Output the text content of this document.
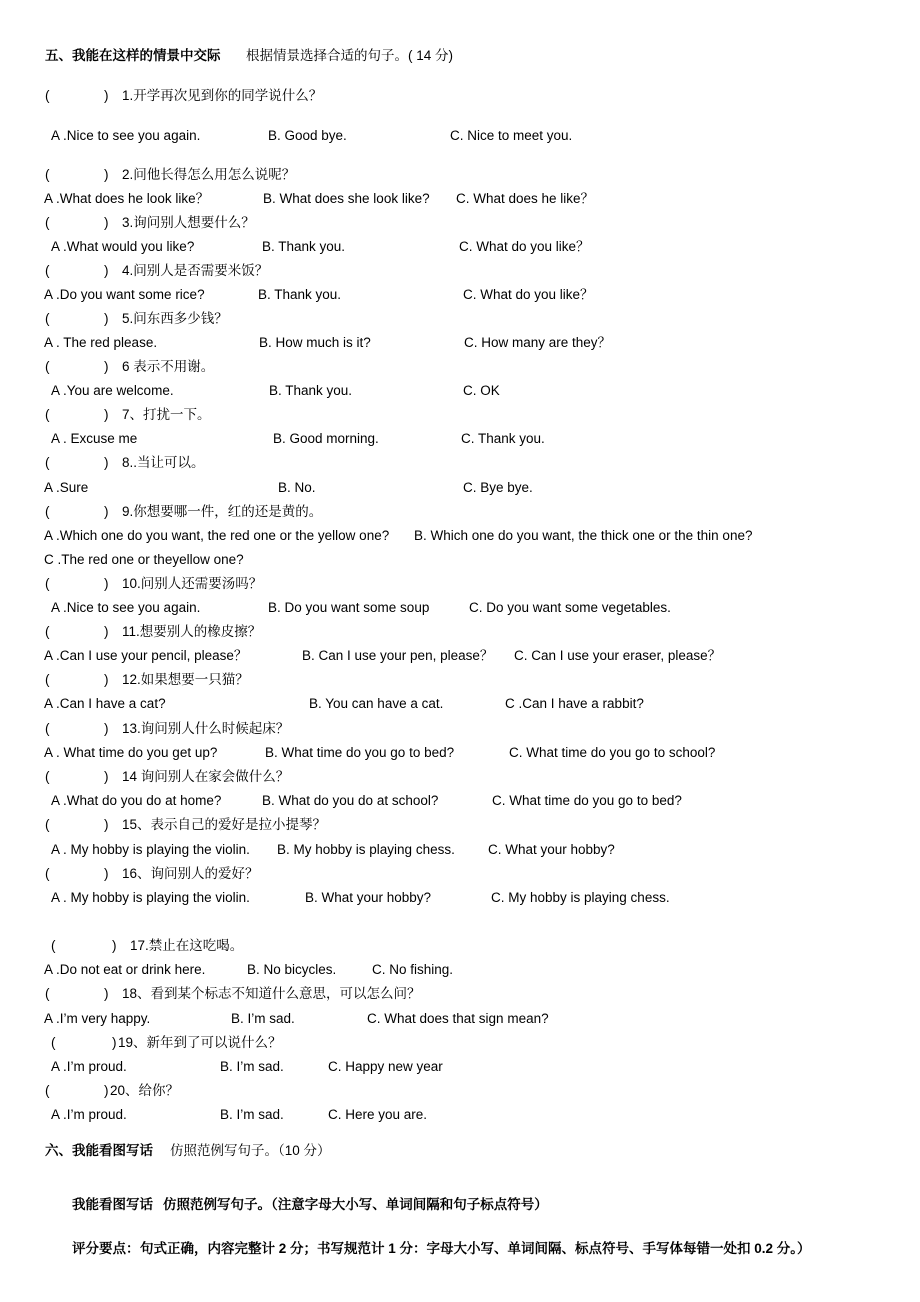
五、我能在这样的情景中交际 根据情景选择合适的句子。( 14 分)
(	) 1.开学再次见到你的同学说什么？
A .Nice to see you again.	B. Good bye.	C. Nice to meet you.
(	) 2.问他长得怎么用怎么说呢？
A .What does he look like？	B. What does she look like? C. What does he like？
(	) 3.询问别人想要什么？
A .What would you like?	B. Thank you.	C. What do you like？
(	) 4.问别人是否需要米饭？
A .Do you want some rice?	B. Thank you.	C. What do you like？
(	) 5.问东西多少钱？
A . The red please.	B. How much is it?	C. How many are they？
(	) 6 表示不用谢。
A .You are welcome.	B. Thank you.	C. OK
(	) 7、打扰一下。
A . Excuse me	B. Good morning.	C. Thank you.
(	) 8..当让可以。
A .Sure	B. No.	C. Bye bye.
(	) 9.你想要哪一件，红的还是黄的。
A .Which one do you want, the red one or the yellow one? B. Which one do you want, the thick one or the thin one?
C .The red one or theyellow one?
(	) 10.问别人还需要汤吗？
A .Nice to see you again.	B. Do you want some soup	C. Do you want some vegetables.
(	) 11.想要别人的橡皮擦？
A .Can I use your pencil, please？	B. Can I use your pen, please？ C. Can I use your eraser, please？
(	) 12.如果想要一只猫？
A .Can I have a cat?	B. You can have a cat.	C .Can I have a rabbit?
(	) 13.询问别人什么时候起床？
A . What time do you get up?	B. What time do you go to bed?	C. What time do you go to school?
(	) 14 询问别人在家会做什么？
A .What do you do at home?	B. What do you do at school?	C. What time do you go to bed?
(	) 15、表示自己的爱好是拉小提琴？
A . My hobby is playing the violin. B. My hobby is playing chess. C. What your hobby?
(	) 16、询问别人的爱好？
A . My hobby is playing the violin.	B. What your hobby?	C. My hobby is playing chess.
(	) 17.禁止在这吃喝。
A .Do not eat or drink here.	B. No bicycles.	C. No fishing.
(	) 18、看到某个标志不知道什么意思，可以怎么问？
A .I’m very happy.	B. I’m sad.	C. What does that sign mean?
(	) 19、新年到了可以说什么？
A .I’m proud.	B. I’m sad.	C. Happy new year
(	) 20、给你？
A .I’m proud.	B. I’m sad.	C. Here you are.
六、我能看图写话 仿照范例写句子。（10 分）
我能看图写话 仿照范例写句子。（注意字母大小写、单词间隔和句子标点符号）
评分要点： 句式正确，内容完整计 2 分；书写规范计 1 分：字母大小写、单词间隔、标点符号、手写体每错一处扣 0.2 分。）
